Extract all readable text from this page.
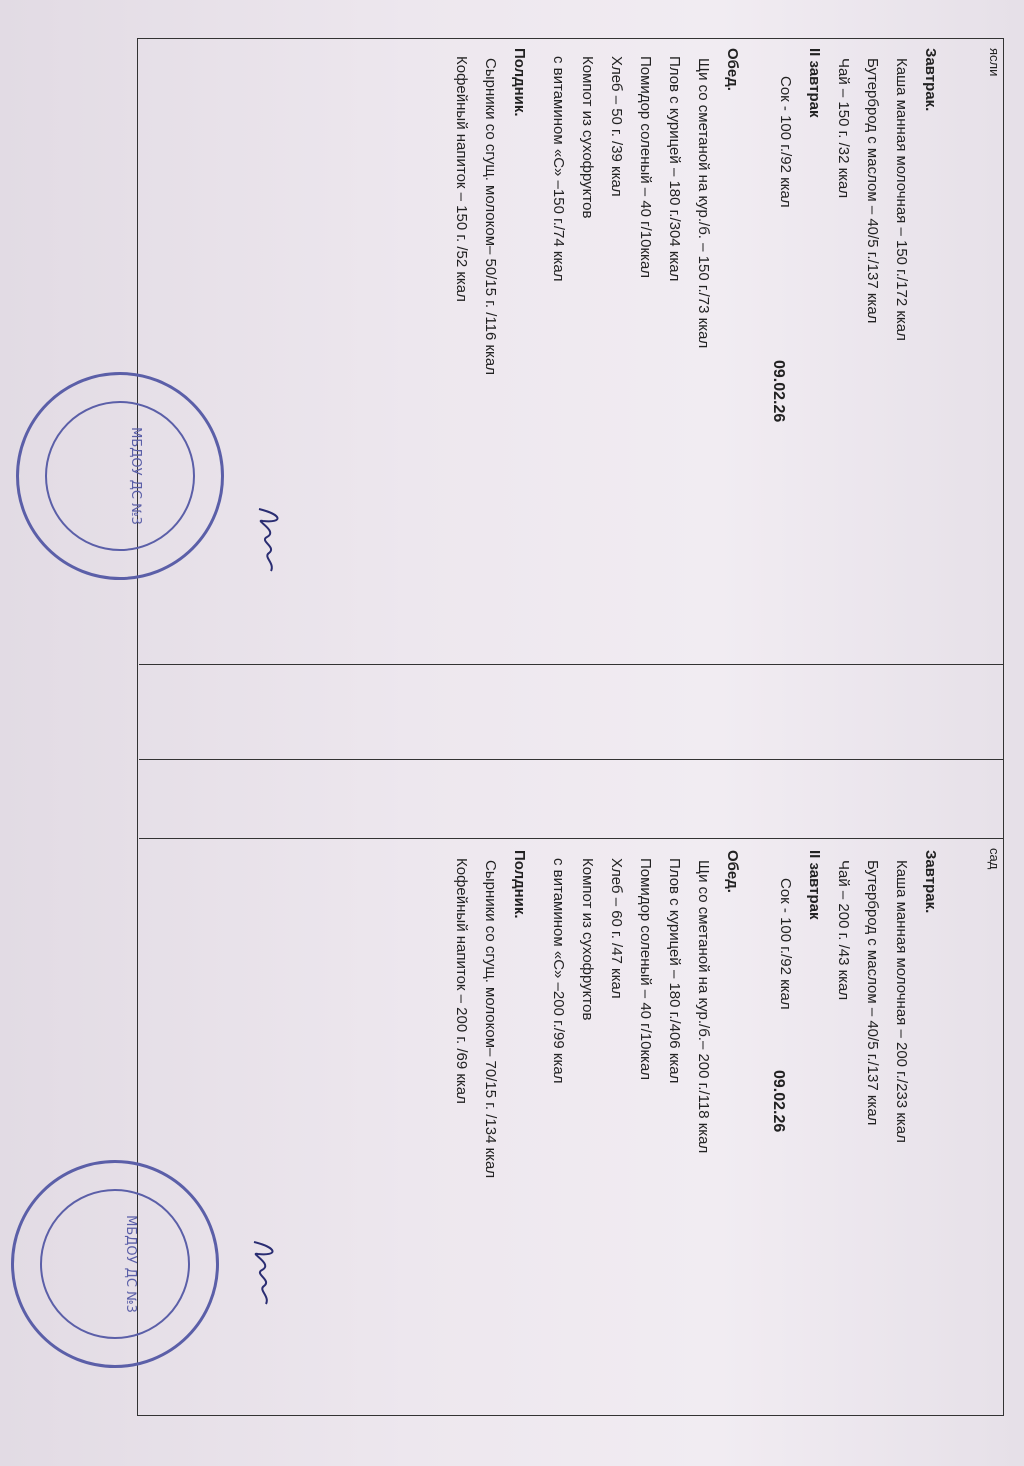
ясли
09.02.26

Завтрак.

Каша манная молочная – 150 г./172 ккал

Бутерброд с маслом – 40/5 г./137 ккал

Чай – 150 г. /32 ккал

II завтрак

Сок - 100 г./92 ккал

Обед.

Щи со сметаной на кур./б. – 150 г./73 ккал

Плов с курицей – 180 г./304 ккал

Помидор соленый – 40 г/10ккал

Хлеб – 50 г. /39 ккал

Компот из сухофруктов

с витамином «С» –150 г./74 ккал

Полдник.

Сырники со сгущ. молоком– 50/15 г. /116 ккал

Кофейный напиток – 150 г. /52 ккал

сад
09.02.26

Завтрак.

Каша манная молочная – 200 г./233 ккал

Бутерброд с маслом – 40/5 г./137 ккал

Чай – 200 г. /43 ккал

II завтрак

Сок - 100 г./92 ккал

Обед.

Щи со сметаной на кур./б.– 200 г./118 ккал

Плов с курицей – 180 г./406 ккал

Помидор соленый – 40 г/10ккал

Хлеб – 60 г. /47 ккал

Компот из сухофруктов

с витамином «С» –200 г./99 ккал

Полдник.

Сырники со сгущ. молоком– 70/15 г. /134 ккал

Кофейный напиток – 200 г. /69 ккал

МБДОУ ДС №3
МБДОУ ДС №3
